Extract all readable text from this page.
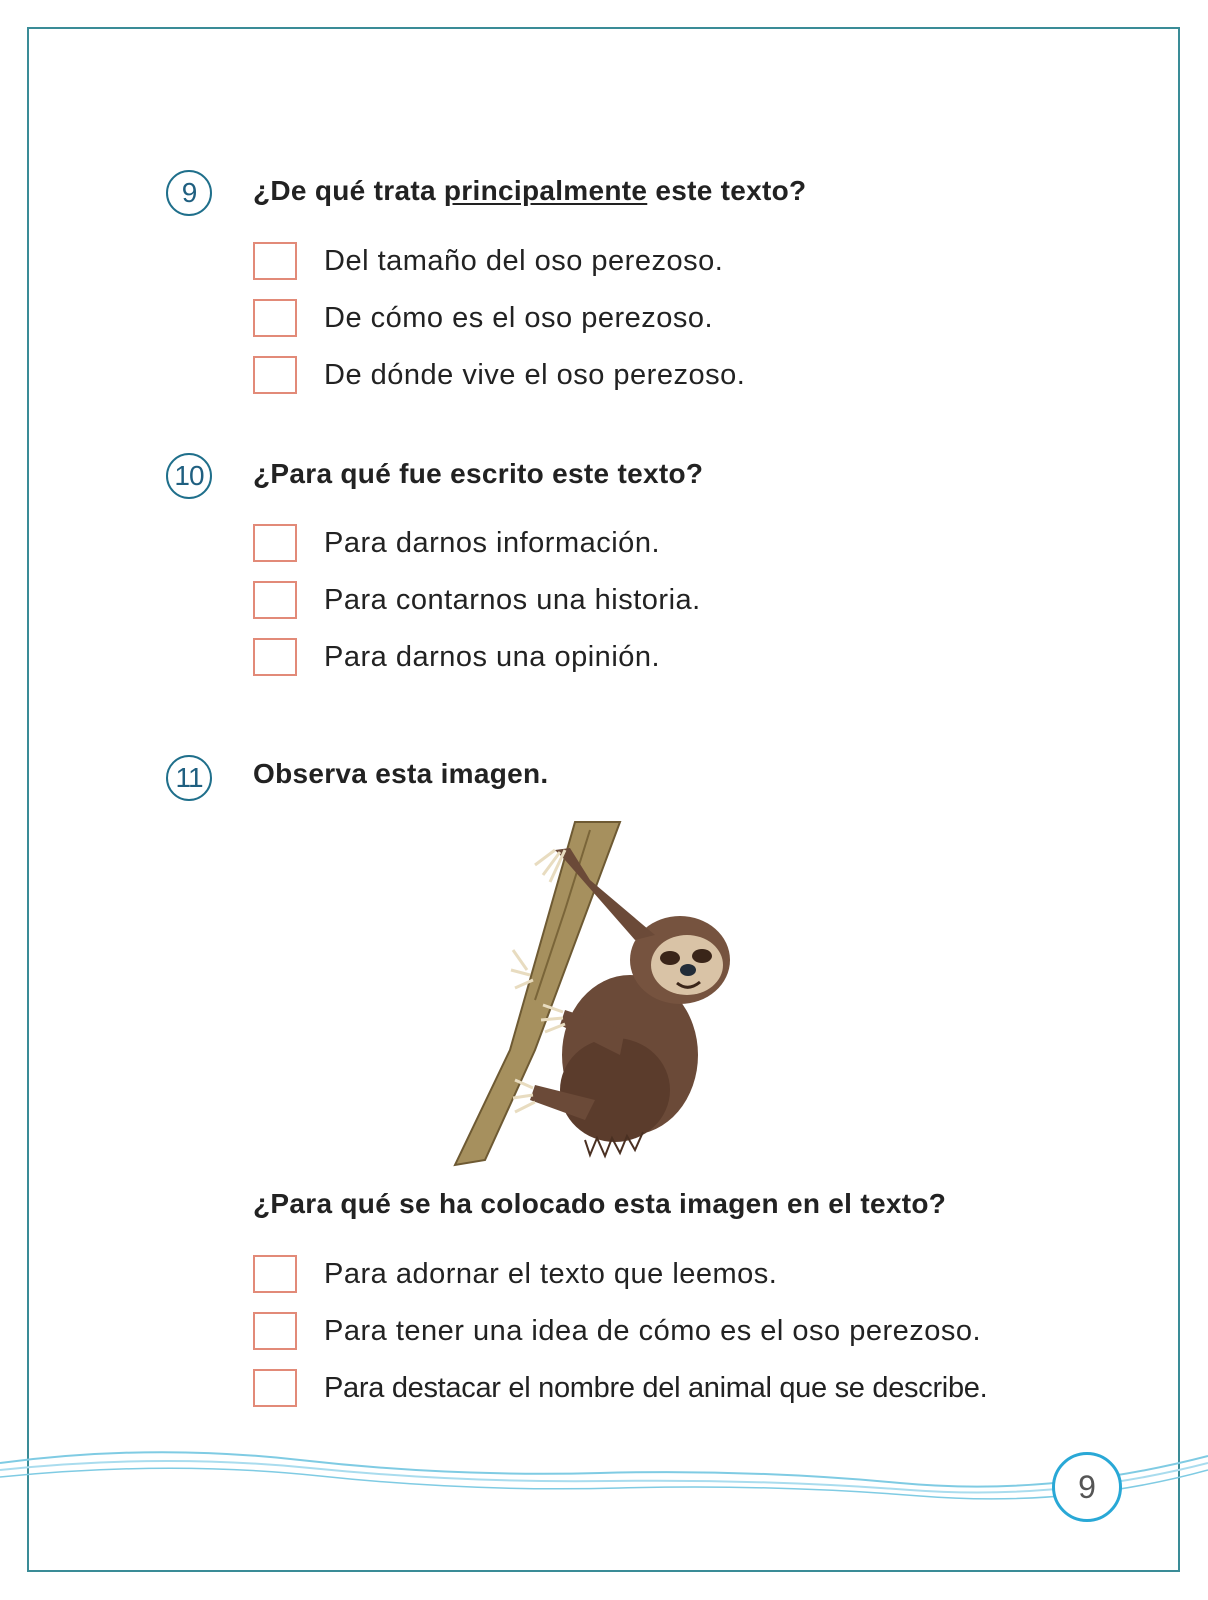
9	¿De qué trata principalmente este texto?
Del tamaño del oso perezoso.
De cómo es el oso perezoso.
De dónde vive el oso perezoso.
10	¿Para qué fue escrito este texto?
Para darnos información.
Para contarnos una historia.
Para darnos una opinión.
11	Observa esta imagen.
¿Para qué se ha colocado esta imagen en el texto?
Para adornar el texto que leemos.
Para tener una idea de cómo es el oso perezoso.
Para destacar el nombre del animal que se describe.
9
